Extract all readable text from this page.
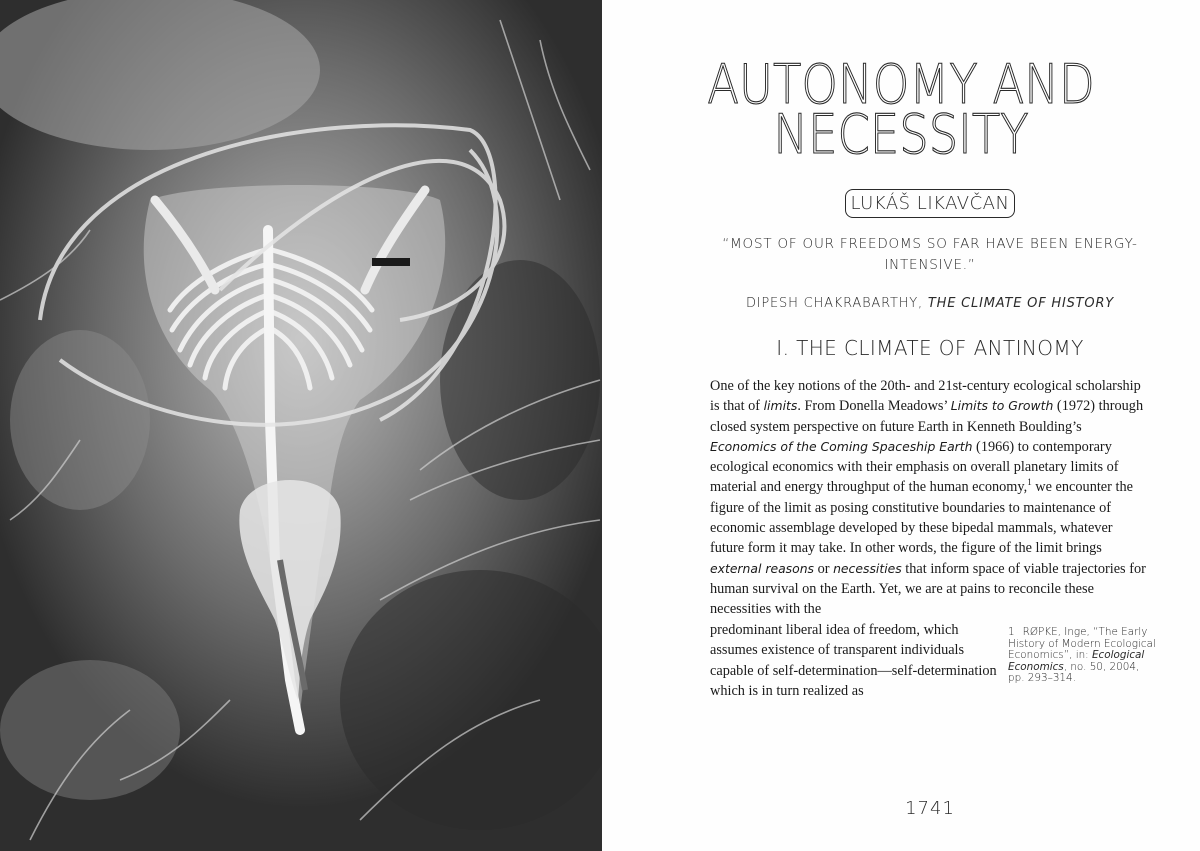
AUTONOMY AND
NECESSITY
LUKÁŠ LIKAVČAN
“MOST OF OUR FREEDOMS SO FAR HAVE BEEN ENERGY-INTENSIVE.”
DIPESH CHAKRABARTHY, THE CLIMATE OF HISTORY
I. THE CLIMATE OF ANTINOMY

One of the key notions of the 20th- and 21st-century ecological scholarship is that of limits. From Donella Meadows’ Limits to Growth (1972) through closed system perspective on future Earth in Kenneth Boulding’s Economics of the Coming Spaceship Earth (1966) to contemporary ecological economics with their emphasis on overall planetary limits of material and energy throughput of the human economy,$^1$ we encounter the figure of the limit as posing constitutive boundaries to maintenance of economic assemblage developed by these bipedal mammals, whatever future form it may take. In other words, the figure of the limit brings external reasons or necessities that inform space of viable trajectories for human survival on the Earth. Yet, we are at pains to reconcile these necessities with the

predominant liberal idea of freedom, which assumes existence of transparent individuals capable of self-determination—self-determination which is in turn realized as
1 RØPKE, Inge, “The Early History of Modern Ecological Economics”, in: Ecological Economics, no. 50, 2004, pp. 293–314.
1741
